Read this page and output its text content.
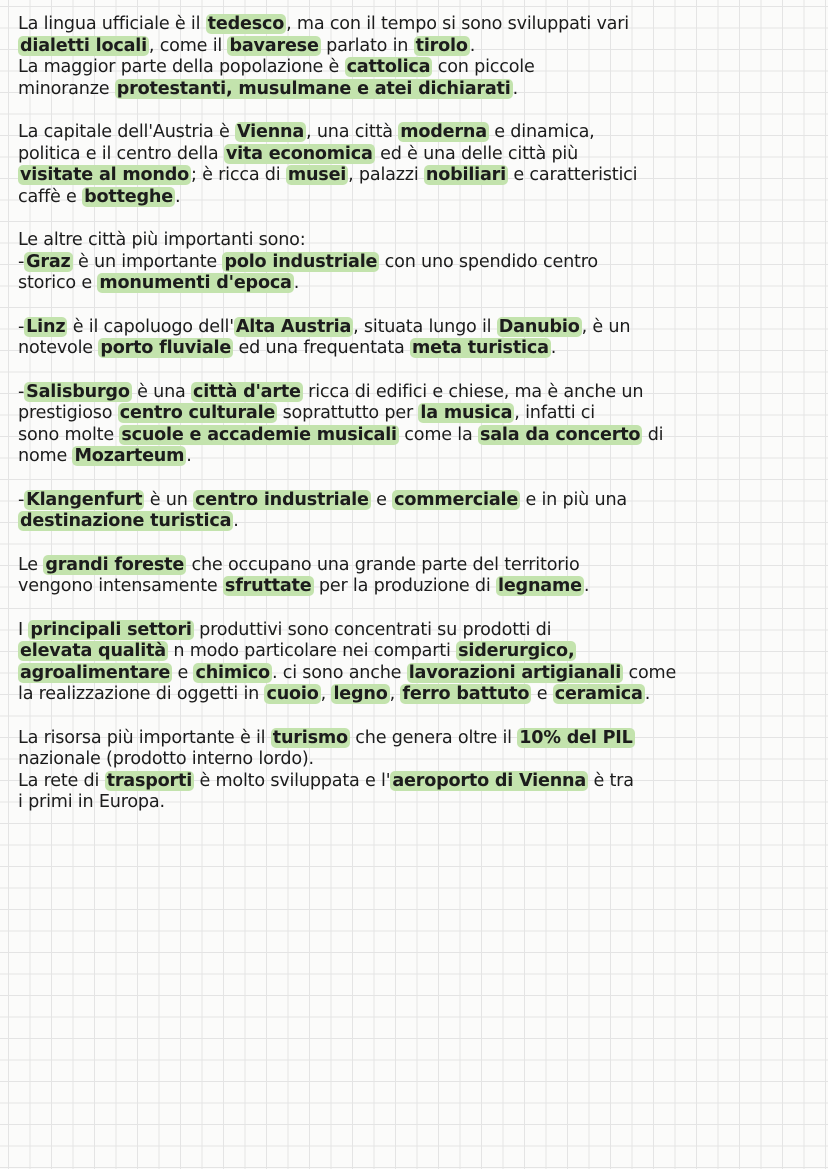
La lingua ufficiale è il tedesco , ma con il tempo si sono sviluppati vari
dialetti locali , come il bavarese parlato in tirolo .
La maggior parte della popolazione è cattolica con piccole
minoranze protestanti, musulmane e atei dichiarati .
La capitale dell'Austria è Vienna , una città moderna e dinamica,
politica e il centro della vita economica ed è una delle città più
visitate al mondo ; è ricca di musei , palazzi nobiliari e caratteristici
caffè e botteghe .
Le altre città più importanti sono:
- Graz è un importante polo industriale con uno spendido centro
storico e monumenti d'epoca .
- Linz è il capoluogo dell' Alta Austria , situata lungo il Danubio , è un
notevole porto fluviale ed una frequentata meta turistica .
- Salisburgo è una città d'arte ricca di edifici e chiese, ma è anche un
prestigioso centro culturale soprattutto per la musica , infatti ci
sono molte scuole e accademie musicali come la sala da concerto di
nome Mozarteum .
- Klangenfurt è un centro industriale e commerciale e in più una
destinazione turistica .
Le grandi foreste che occupano una grande parte del territorio
vengono intensamente sfruttate per la produzione di legname .
I principali settori produttivi sono concentrati su prodotti di
elevata qualità n modo particolare nei comparti siderurgico,
agroalimentare e chimico . ci sono anche lavorazioni artigianali come
la realizzazione di oggetti in cuoio , legno , ferro battuto e ceramica .
La risorsa più importante è il turismo che genera oltre il 10% del PIL
nazionale (prodotto interno lordo).
La rete di trasporti è molto sviluppata e l' aeroporto di Vienna è tra
i primi in Europa.
